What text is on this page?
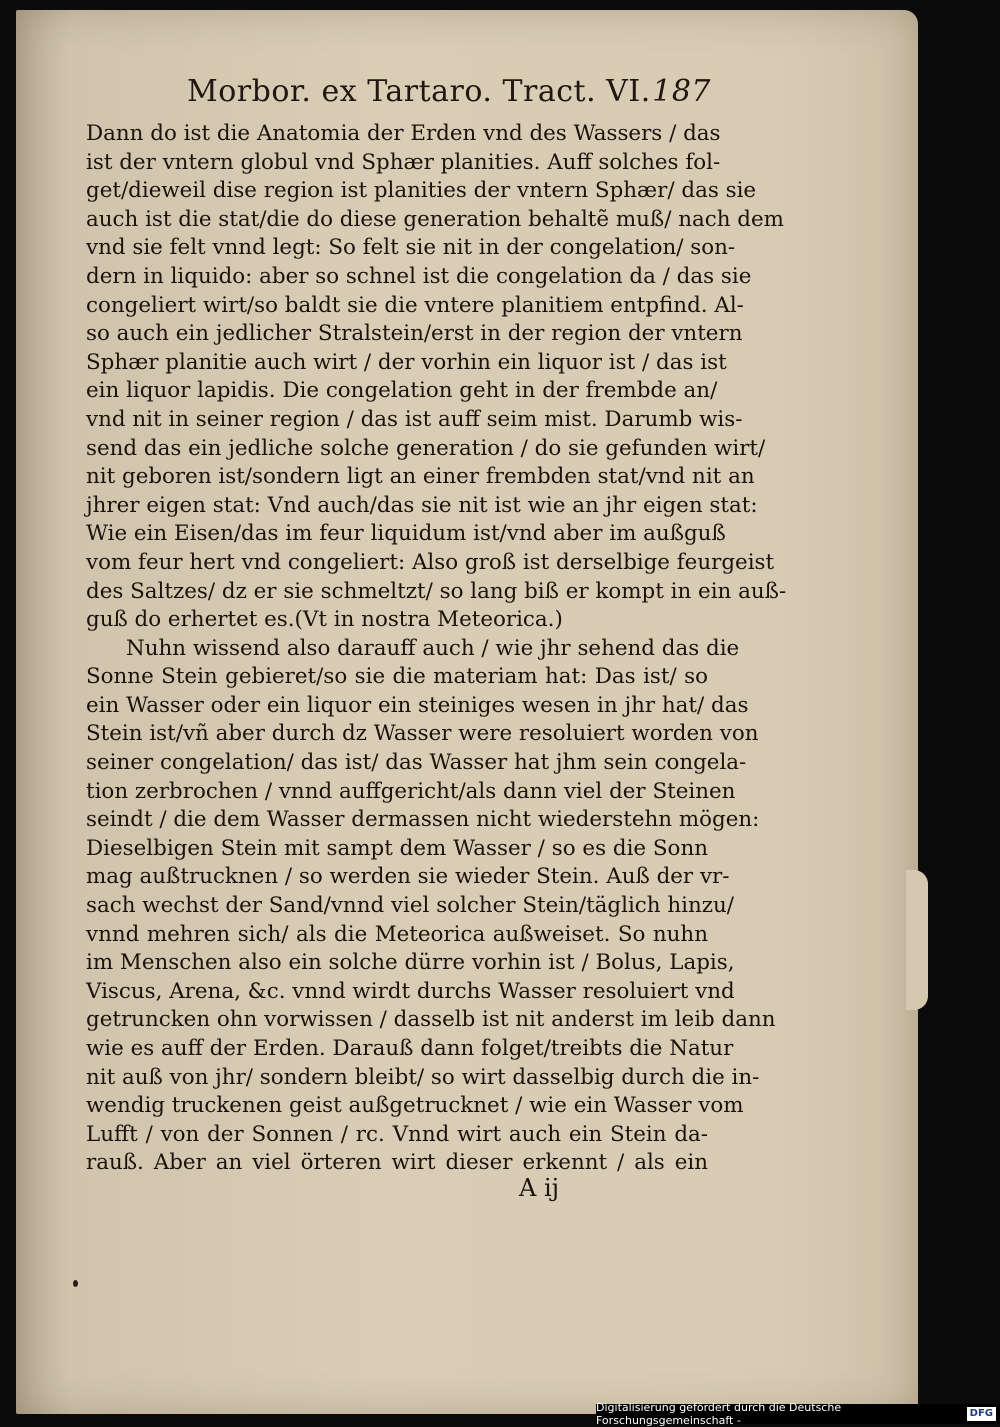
Morbor. ex Tartaro. Tract. VI. 187
Dann do ist die Anatomia der Erden vnd des Wassers / das
ist der vntern globul vnd Sphær planities. Auff solches fol-
get/dieweil dise region ist planities der vntern Sphær/ das sie
auch ist die stat/die do diese generation behaltẽ muß/ nach dem
vnd sie felt vnnd legt: So felt sie nit in der congelation/ son-
dern in liquido: aber so schnel ist die congelation da / das sie
congeliert wirt/so baldt sie die vntere planitiem entpfind. Al-
so auch ein jedlicher Stralstein/erst in der region der vntern
Sphær planitie auch wirt / der vorhin ein liquor ist / das ist
ein liquor lapidis. Die congelation geht in der frembde an/
vnd nit in seiner region / das ist auff seim mist. Darumb wis-
send das ein jedliche solche generation / do sie gefunden wirt/
nit geboren ist/sondern ligt an einer frembden stat/vnd nit an
jhrer eigen stat: Vnd auch/das sie nit ist wie an jhr eigen stat:
Wie ein Eisen/das im feur liquidum ist/vnd aber im außguß
vom feur hert vnd congeliert: Also groß ist derselbige feurgeist
des Saltzes/ dz er sie schmeltzt/ so lang biß er kompt in ein auß-
guß do erhertet es.(Vt in nostra Meteorica.)
Nuhn wissend also darauff auch / wie jhr sehend das die
Sonne Stein gebieret/so sie die materiam hat: Das ist/ so
ein Wasser oder ein liquor ein steiniges wesen in jhr hat/ das
Stein ist/vñ aber durch dz Wasser were resoluiert worden von
seiner congelation/ das ist/ das Wasser hat jhm sein congela-
tion zerbrochen / vnnd auffgericht/als dann viel der Steinen
seindt / die dem Wasser dermassen nicht wiederstehn mögen:
Dieselbigen Stein mit sampt dem Wasser / so es die Sonn
mag außtrucknen / so werden sie wieder Stein. Auß der vr-
sach wechst der Sand/vnnd viel solcher Stein/täglich hinzu/
vnnd mehren sich/ als die Meteorica außweiset. So nuhn
im Menschen also ein solche dürre vorhin ist / Bolus, Lapis,
Viscus, Arena, &c. vnnd wirdt durchs Wasser resoluiert vnd
getruncken ohn vorwissen / dasselb ist nit anderst im leib dann
wie es auff der Erden. Darauß dann folget/treibts die Natur
nit auß von jhr/ sondern bleibt/ so wirt dasselbig durch die in-
wendig truckenen geist außgetrucknet / wie ein Wasser vom
Lufft / von der Sonnen / rc. Vnnd wirt auch ein Stein da-
rauß. Aber an viel örteren wirt dieser erkennt / als ein
A ij
Digitalisierung gefördert durch die Deutsche Forschungsgemeinschaft -
DFG
